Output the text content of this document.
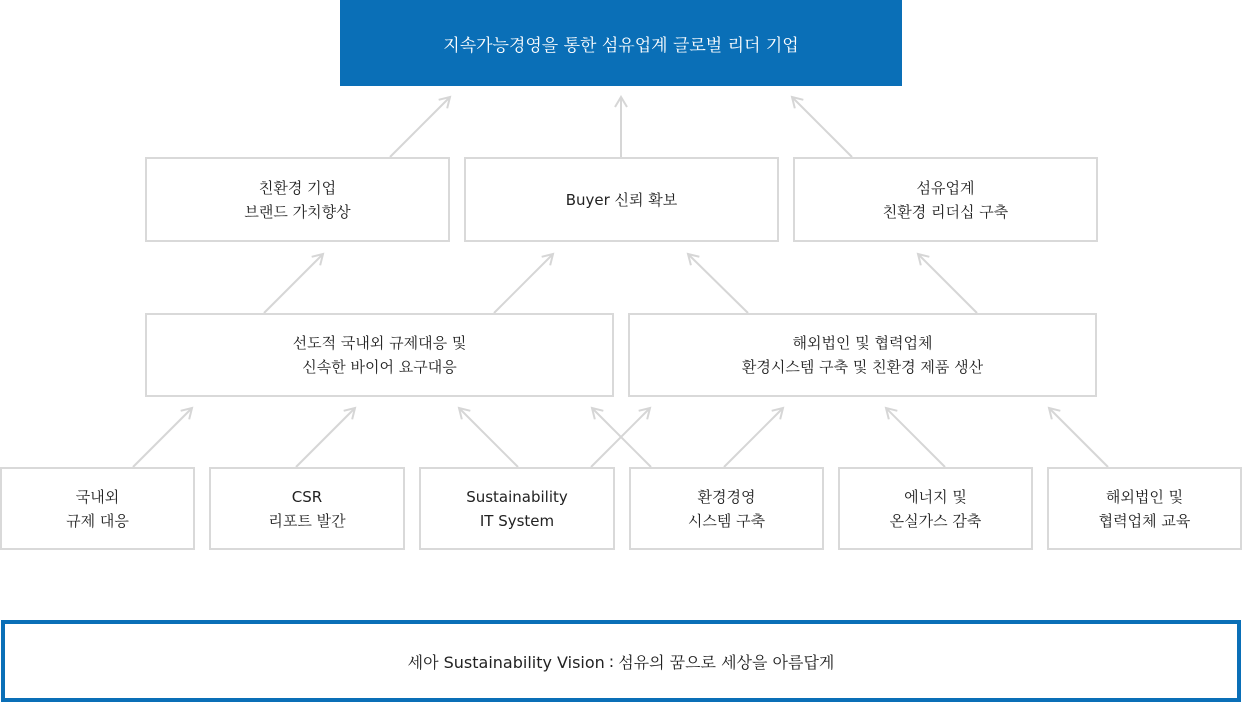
지속가능경영을 통한 섬유업계 글로벌 리더 기업
친환경 기업
브랜드 가치향상
Buyer 신뢰 확보
섬유업계
친환경 리더십 구축
선도적 국내외 규제대응 및
신속한 바이어 요구대응
해외법인 및 협력업체
환경시스템 구축 및 친환경 제품 생산
국내외
규제 대응
CSR
리포트 발간
Sustainability
IT System
환경경영
시스템 구축
에너지 및
온실가스 감축
해외법인 및
협력업체 교육
세아 Sustainability Vision : 섬유의 꿈으로 세상을 아름답게
